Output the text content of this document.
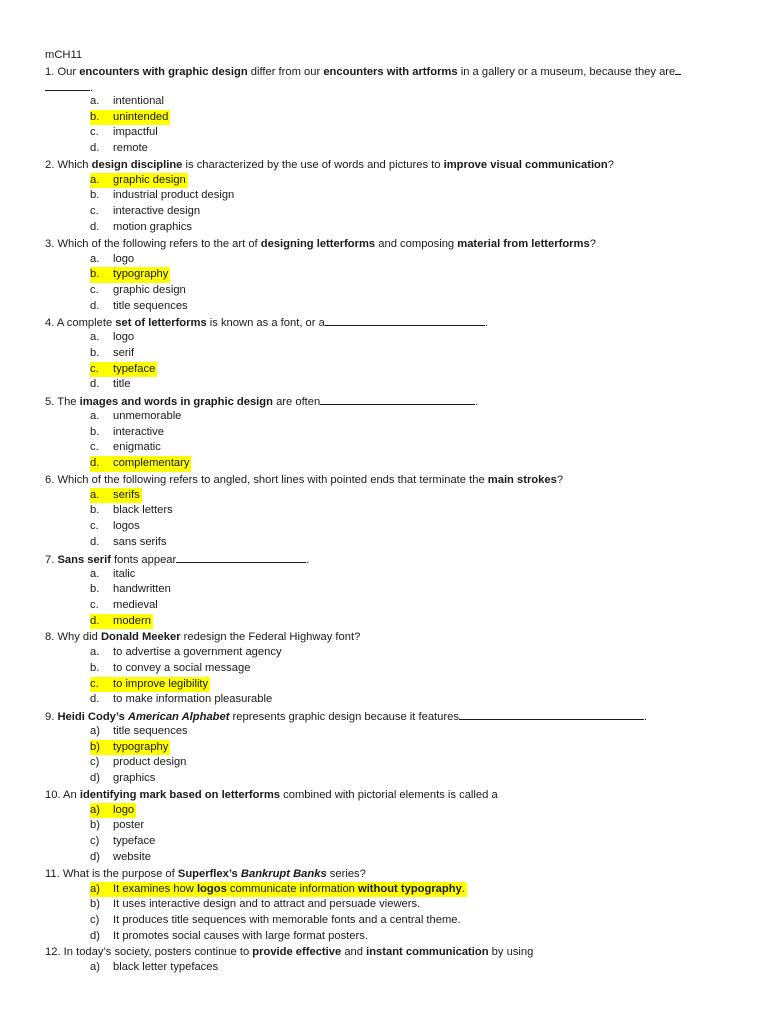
mCH11
1. Our encounters with graphic design differ from our encounters with artforms in a gallery or a museum, because they are
.
a. intentional
b. unintended
c. impactful
d. remote
2. Which design discipline is characterized by the use of words and pictures to improve visual communication?
a. graphic design
b. industrial product design
c. interactive design
d. motion graphics
3. Which of the following refers to the art of designing letterforms and composing material from letterforms?
a. logo
b. typography
c. graphic design
d. title sequences
4. A complete set of letterforms is known as a font, or a	.
a. logo
b. serif
c. typeface
d. title
5. The images and words in graphic design are often	.
a. unmemorable
b. interactive
c. enigmatic
d. complementary
6. Which of the following refers to angled, short lines with pointed ends that terminate the main strokes?
a. serifs
b. black letters
c. logos
d. sans serifs
7. Sans serif fonts appear	.
a. italic
b. handwritten
c. medieval
d. modern
8. Why did Donald Meeker redesign the Federal Highway font?
a. to advertise a government agency
b. to convey a social message
c. to improve legibility
d. to make information pleasurable
9. Heidi Cody’s American Alphabet represents graphic design because it features	.
a) title sequences
b) typography
c) product design
d) graphics
10. An identifying mark based on letterforms combined with pictorial elements is called a
a) logo
b) poster
c) typeface
d) website
11. What is the purpose of Superflex’s Bankrupt Banks series?
a) It examines how logos communicate information without typography.
b) It uses interactive design and to attract and persuade viewers.
c) It produces title sequences with memorable fonts and a central theme.
d) It promotes social causes with large format posters.
12. In today’s society, posters continue to provide effective and instant communication by using
a) black letter typefaces
